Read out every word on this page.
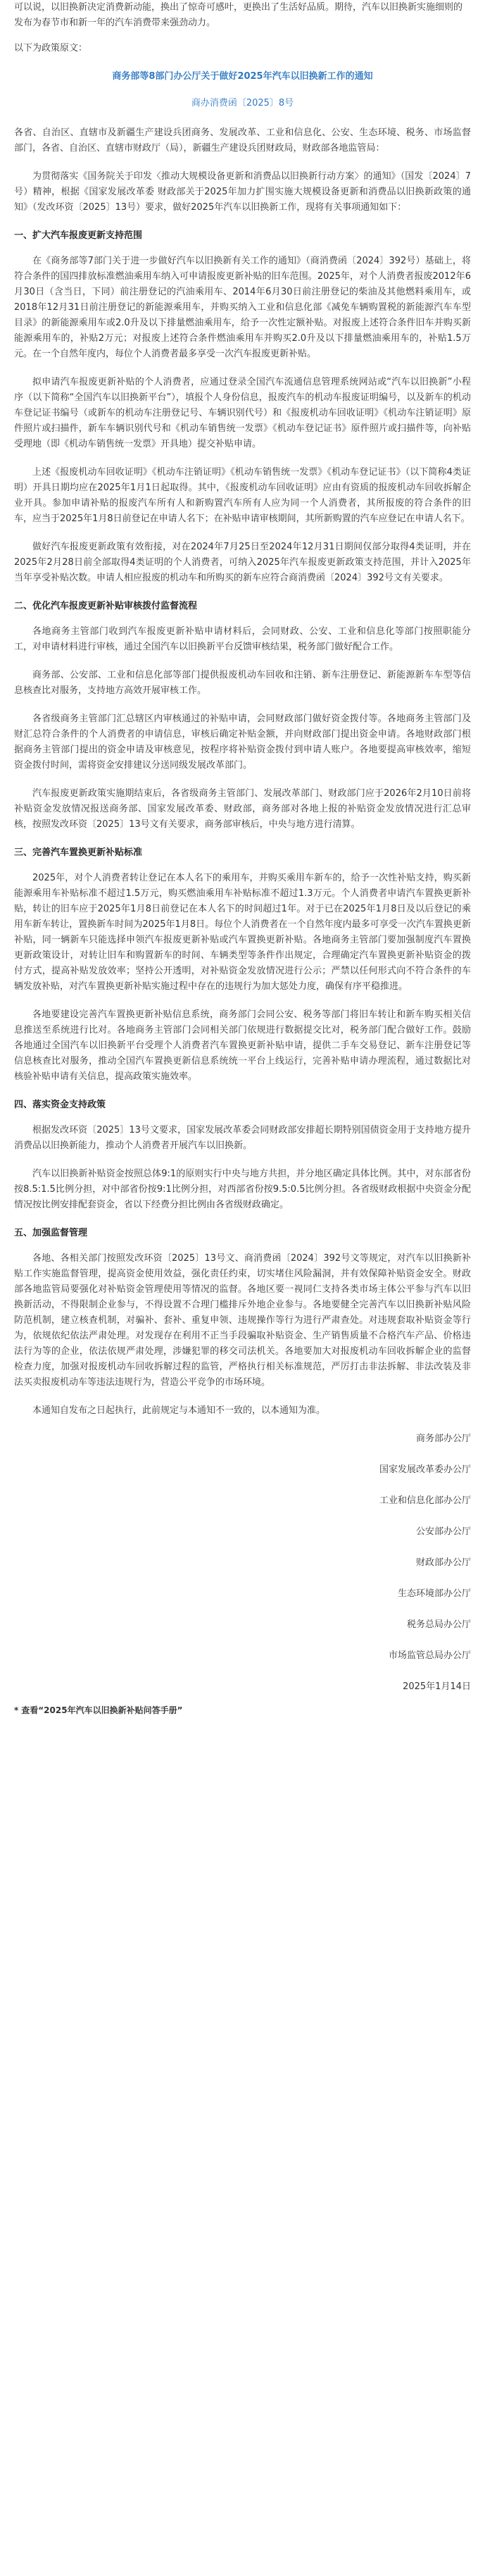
可以说，以旧换新决定消费新动能，换出了惊奇可感叶，更换出了生活好品质。期待，汽车以旧换新实施细则的发布为春节市和新一年的汽车消费带来强劲动力。

以下为政策原文：

商务部等8部门办公厅关于做好2025年汽车以旧换新工作的通知
商办消费函〔2025〕8号

各省、自治区、直辖市及新疆生产建设兵团商务、发展改革、工业和信息化、公安、生态环境、税务、市场监督部门，各省、自治区、直辖市财政厅（局），新疆生产建设兵团财政局，财政部各地监管局：

为贯彻落实《国务院关于印发〈推动大规模设备更新和消费品以旧换新行动方案〉的通知》（国发〔2024〕7号）精神，根据《国家发展改革委 财政部关于2025年加力扩围实施大规模设备更新和消费品以旧换新政策的通知》（发改环资〔2025〕13号）要求，做好2025年汽车以旧换新工作，现将有关事项通知如下：

一、扩大汽车报废更新支持范围

在《商务部等7部门关于进一步做好汽车以旧换新有关工作的通知》（商消费函〔2024〕392号）基础上，将符合条件的国四排放标准燃油乘用车纳入可申请报废更新补贴的旧车范围。2025年，对个人消费者报废2012年6月30日（含当日，下同）前注册登记的汽油乘用车、2014年6月30日前注册登记的柴油及其他燃料乘用车，或2018年12月31日前注册登记的新能源乘用车，并购买纳入工业和信息化部《减免车辆购置税的新能源汽车车型目录》的新能源乘用车或2.0升及以下排量燃油乘用车，给予一次性定额补贴。对报废上述符合条件旧车并购买新能源乘用车的，补贴2万元；对报废上述符合条件燃油乘用车并购买2.0升及以下排量燃油乘用车的，补贴1.5万元。在一个自然年度内，每位个人消费者最多享受一次汽车报废更新补贴。

拟申请汽车报废更新补贴的个人消费者，应通过登录全国汽车流通信息管理系统网站或“汽车以旧换新”小程序（以下简称“全国汽车以旧换新平台”），填报个人身份信息，报废汽车的机动车报废证明编号，以及新车的机动车登记证书编号（或新车的机动车注册登记号、车辆识别代号）和《报废机动车回收证明》《机动车注销证明》原件照片或扫描件，新车车辆识别代号和《机动车销售统一发票》《机动车登记证书》原件照片或扫描件等，向补贴受理地（即《机动车销售统一发票》开具地）提交补贴申请。

上述《报废机动车回收证明》《机动车注销证明》《机动车销售统一发票》《机动车登记证书》（以下简称4类证明）开具日期均应在2025年1月1日起取得。其中，《报废机动车回收证明》应由有资质的报废机动车回收拆解企业开具。参加申请补贴的报废汽车所有人和新购置汽车所有人应为同一个人消费者，其所报废的符合条件的旧车，应当于2025年1月8日前登记在申请人名下；在补贴申请审核期间，其所新购置的汽车应登记在申请人名下。

做好汽车报废更新政策有效衔接，对在2024年7月25日至2024年12月31日期间仅部分取得4类证明，并在2025年2月28日前全部取得4类证明的个人消费者，可纳入2025年汽车报废更新政策支持范围，并计入2025年当年享受补贴次数。申请人相应报废的机动车和所购买的新车应符合商消费函〔2024〕392号文有关要求。

二、优化汽车报废更新补贴审核拨付监督流程

各地商务主管部门收到汽车报废更新补贴申请材料后，会同财政、公安、工业和信息化等部门按照职能分工，对申请材料进行审核，通过全国汽车以旧换新平台反馈审核结果，税务部门做好配合工作。

商务部、公安部、工业和信息化部等部门提供报废机动车回收和注销、新车注册登记、新能源新车车型等信息核查比对服务，支持地方高效开展审核工作。

各省级商务主管部门汇总辖区内审核通过的补贴申请，会同财政部门做好资金拨付等。各地商务主管部门及财汇总符合条件的个人消费者的申请信息，审核后确定补贴金额，并向财政部门提出资金申请。各地财政部门根据商务主管部门提出的资金申请及审核意见，按程序将补贴资金拨付到申请人账户。各地要提高审核效率，缩短资金拨付时间，需将资金安排建议分送同级发展改革部门。

汽车报废更新政策实施期结束后，各省级商务主管部门、发展改革部门、财政部门应于2026年2月10日前将补贴资金发放情况报送商务部、国家发展改革委、财政部，商务部对各地上报的补贴资金发放情况进行汇总审核，按照发改环资〔2025〕13号文有关要求，商务部审核后，中央与地方进行清算。

三、完善汽车置换更新补贴标准

2025年，对个人消费者转让登记在本人名下的乘用车，并购买乘用车新车的，给予一次性补贴支持，购买新能源乘用车补贴标准不超过1.5万元，购买燃油乘用车补贴标准不超过1.3万元。个人消费者申请汽车置换更新补贴，转让的旧车应于2025年1月8日前登记在本人名下的时间超过1年。对于已在2025年1月8日及以后登记的乘用车新车转让，置换新车时间为2025年1月8日。每位个人消费者在一个自然年度内最多可享受一次汽车置换更新补贴，同一辆新车只能选择申领汽车报废更新补贴或汽车置换更新补贴。各地商务主管部门要加强制度汽车置换更新政策设计，对转让旧车和购置新车的时间、车辆类型等条件作出规定，合理确定汽车置换更新补贴资金的拨付方式，提高补贴发放效率；坚持公开透明，对补贴资金发放情况进行公示；严禁以任何形式向不符合条件的车辆发放补贴，对汽车置换更新补贴实施过程中存在的违规行为加大惩处力度，确保有序平稳推进。

各地要建设完善汽车置换更新补贴信息系统，商务部门会同公安、税务等部门将旧车转让和新车购买相关信息推送至系统进行比对。各地商务主管部门会同相关部门依规进行数据提交比对，税务部门配合做好工作。鼓励各地通过全国汽车以旧换新平台受理个人消费者汽车置换更新补贴申请，提供二手车交易登记、新车注册登记等信息核查比对服务，推动全国汽车置换更新信息系统统一平台上线运行，完善补贴申请办理流程，通过数据比对核验补贴申请有关信息，提高政策实施效率。

四、落实资金支持政策

根据发改环资〔2025〕13号文要求，国家发展改革委会同财政部安排超长期特别国债资金用于支持地方提升消费品以旧换新能力，推动个人消费者开展汽车以旧换新。

汽车以旧换新补贴资金按照总体9:1的原则实行中央与地方共担，并分地区确定具体比例。其中，对东部省份按8.5:1.5比例分担，对中部省份按9:1比例分担，对西部省份按9.5:0.5比例分担。各省级财政根据中央资金分配情况按比例安排配套资金，省以下经费分担比例由各省级财政确定。

五、加强监督管理

各地、各相关部门按照发改环资〔2025〕13号文、商消费函〔2024〕392号文等规定，对汽车以旧换新补贴工作实施监督管理，提高资金使用效益，强化责任约束，切实堵住风险漏洞，并有效保障补贴资金安全。财政部各地监管局要强化对补贴资金管理使用等情况的监督。各地区要一视同仁支持各类市场主体公平参与汽车以旧换新活动，不得限制企业参与，不得设置不合理门槛排斥外地企业参与。各地要健全完善汽车以旧换新补贴风险防范机制，建立核查机制，对骗补、套补、重复申领、违规操作等行为进行严肃查处。对违规套取补贴资金等行为，依规依纪依法严肃处理。对发现存在利用不正当手段骗取补贴资金、生产销售质量不合格汽车产品、价格违法行为等的企业，依法依规严肃处理，涉嫌犯罪的移交司法机关。各地要加大对报废机动车回收拆解企业的监督检查力度，加强对报废机动车回收拆解过程的监管，严格执行相关标准规范，严厉打击非法拆解、非法改装及非法买卖报废机动车等违法违规行为，营造公平竞争的市场环境。

本通知自发布之日起执行，此前规定与本通知不一致的，以本通知为准。

商务部办公厅
国家发展改革委办公厅
工业和信息化部办公厅
公安部办公厅
财政部办公厅
生态环境部办公厅
税务总局办公厅
市场监管总局办公厅
2025年1月14日
* 查看“2025年汽车以旧换新补贴问答手册”
